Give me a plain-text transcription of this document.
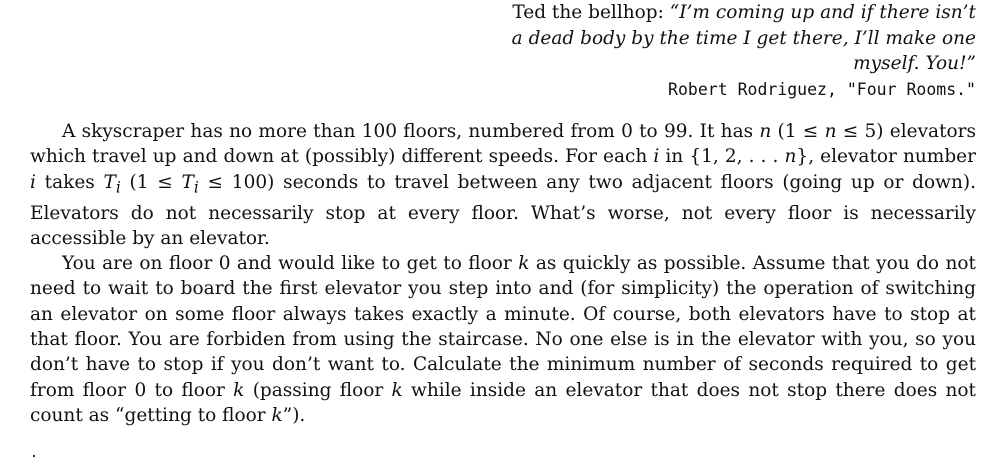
Ted the bellhop: “I’m coming up and if there isn’t a dead body by the time I get there, I’ll make one myself. You!”
Robert Rodriguez, "Four Rooms."

A skyscraper has no more than 100 floors, numbered from 0 to 99. It has n (1 ≤ n ≤ 5) elevators which travel up and down at (possibly) different speeds. For each i in {1, 2, . . . n}, elevator number i takes $T_i$ $(1 \le T_i \le 100)$ seconds to travel between any two adjacent floors (going up or down). Elevators do not necessarily stop at every floor. What’s worse, not every floor is necessarily accessible by an elevator.

You are on floor 0 and would like to get to floor k as quickly as possible. Assume that you do not need to wait to board the first elevator you step into and (for simplicity) the operation of switching an elevator on some floor always takes exactly a minute. Of course, both elevators have to stop at that floor. You are forbiden from using the staircase. No one else is in the elevator with you, so you don’t have to stop if you don’t want to. Calculate the minimum number of seconds required to get from floor 0 to floor k (passing floor k while inside an elevator that does not stop there does not count as “getting to floor k”).
